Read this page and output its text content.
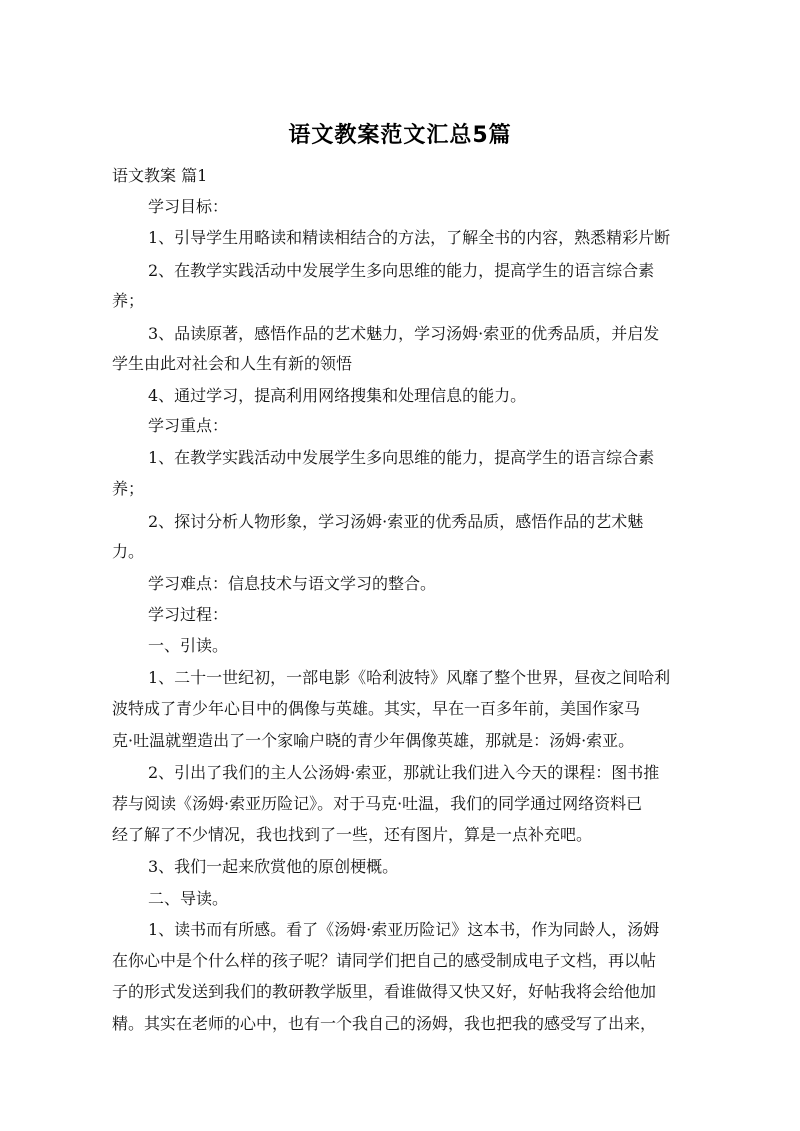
语文教案范文汇总5篇
语文教案 篇1
学习目标：
1、引导学生用略读和精读相结合的方法，了解全书的内容，熟悉精彩片断
2、在教学实践活动中发展学生多向思维的能力，提高学生的语言综合素
养；
3、品读原著，感悟作品的艺术魅力，学习汤姆·索亚的优秀品质，并启发
学生由此对社会和人生有新的领悟
4、通过学习，提高利用网络搜集和处理信息的能力。
学习重点：
1、在教学实践活动中发展学生多向思维的能力，提高学生的语言综合素
养；
2、探讨分析人物形象，学习汤姆·索亚的优秀品质，感悟作品的艺术魅
力。
学习难点：信息技术与语文学习的整合。
学习过程：
一、引读。
1、二十一世纪初，一部电影《哈利波特》风靡了整个世界，昼夜之间哈利
波特成了青少年心目中的偶像与英雄。其实，早在一百多年前，美国作家马
克·吐温就塑造出了一个家喻户晓的青少年偶像英雄，那就是：汤姆·索亚。
2、引出了我们的主人公汤姆·索亚，那就让我们进入今天的课程：图书推
荐与阅读《汤姆·索亚历险记》。对于马克·吐温，我们的同学通过网络资料已
经了解了不少情况，我也找到了一些，还有图片，算是一点补充吧。
3、我们一起来欣赏他的原创梗概。
二、导读。
1、读书而有所感。看了《汤姆·索亚历险记》这本书，作为同龄人，汤姆
在你心中是个什么样的孩子呢？请同学们把自己的感受制成电子文档，再以帖
子的形式发送到我们的教研教学版里，看谁做得又快又好，好帖我将会给他加
精。其实在老师的心中，也有一个我自己的汤姆，我也把我的感受写了出来，
